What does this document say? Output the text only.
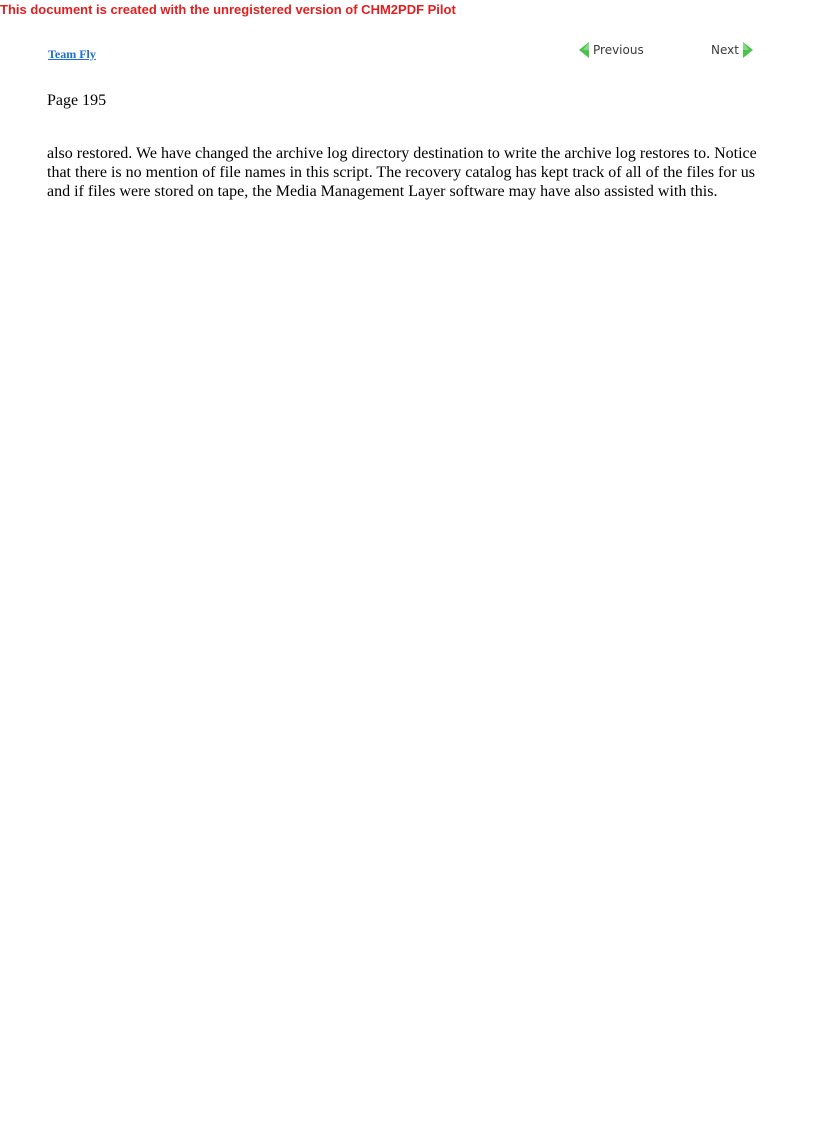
This document is created with the unregistered version of CHM2PDF Pilot
Team Fly	Previous	Next
Page 195

also restored. We have changed the archive log directory destination to write the archive log restores to. Notice that there is no mention of file names in this script. The recovery catalog has kept track of all of the files for us and if files were stored on tape, the Media Management Layer software may have also assisted with this.
